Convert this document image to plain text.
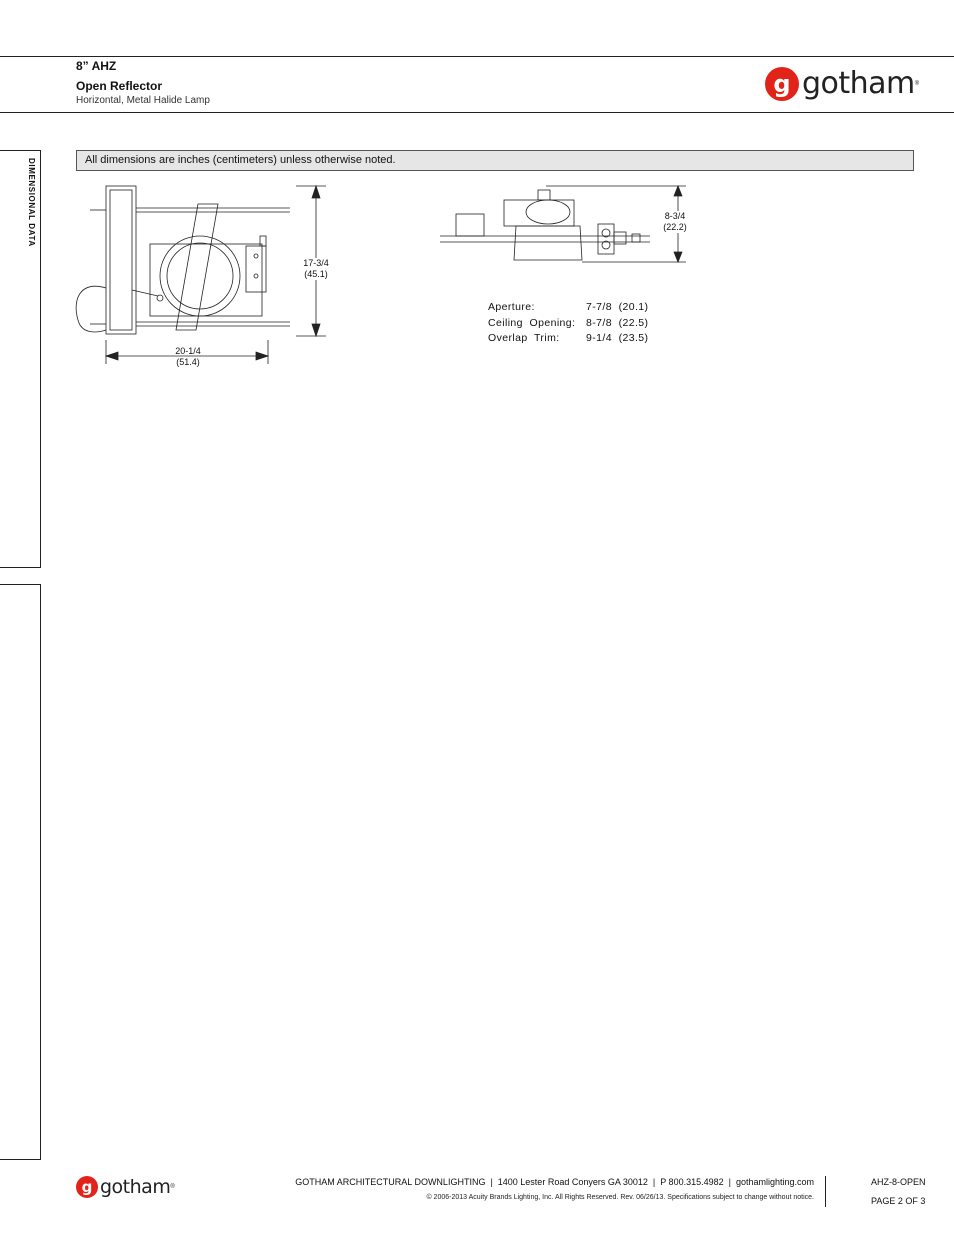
8” AHZ
Open Reflector
Horizontal, Metal Halide Lamp
g gotham ®
DIMENSIONAL DATA	All dimensions are inches (centimeters) unless otherwise noted.
17-3/4
(45.1)
20-1/4
(51.4)
8-3/4
(22.2)
Aperture:	7-7/8  (20.1)
Ceiling  Opening:	8-7/8  (22.5)
Overlap  Trim:	9-1/4  (23.5)
g gotham ®	GOTHAM ARCHITECTURAL DOWNLIGHTING  |  1400 Lester Road Conyers GA 30012  |  P 800.315.4982  |  gothamlighting.com
© 2006-2013 Acuity Brands Lighting, Inc. All Rights Reserved. Rev. 06/26/13. Specifications subject to change without notice.
AHZ-8-OPEN
PAGE 2 OF 3
